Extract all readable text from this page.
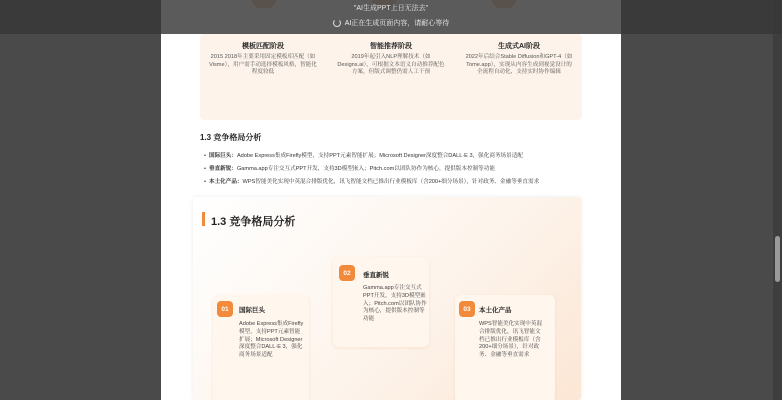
模板匹配阶段

2015 2018年主要采用固定模板库匹配（如Visme），用户需手动选择模板风格，智能化程度较低

智能推荐阶段

2019年起引入NLP理解技术（如Designs.ai），可根据文本语义自动推荐配色方案，但版式调整仍需人工干预

生成式AI阶段

2022年后结合Stable Diffusion和GPT-4（如Tome.app），实现从内容生成到视觉设计的全流程自动化，支持实时协作编辑

1.3 竞争格局分析
• 国际巨头：Adobe Express集成Firefly模型，支持PPT元素智能扩展；Microsoft Designer深度整合DALL·E 3，强化商务场景适配
• 垂直新锐：Gamma.app专注交互式PPT开发，支持3D模型嵌入；Pitch.com以团队协作为核心，提供版本控制等功能
• 本土化产品：WPS智能美化实现中英混合排版优化，讯飞智能文档已推出行业模板库（含200+细分场景），针对政务、金融等垂直需求
1.3 竞争格局分析
01	国际巨头
Adobe Express集成Firefly模型，支持PPT元素智能扩展；Microsoft Designer深度整合DALL·E 3，强化商务场景适配
02	垂直新锐
Gamma.app专注交互式PPT开发，支持3D模型嵌入；Pitch.com以团队协作为核心，提供版本控制等功能
03	本土化产品
WPS智能美化实现中英混合排版优化，讯飞智能文档已推出行业模板库（含200+细分场景），针对政务、金融等垂直需求
"AI生成PPT上日无法去"
AI正在生成页面内容，请耐心等待
